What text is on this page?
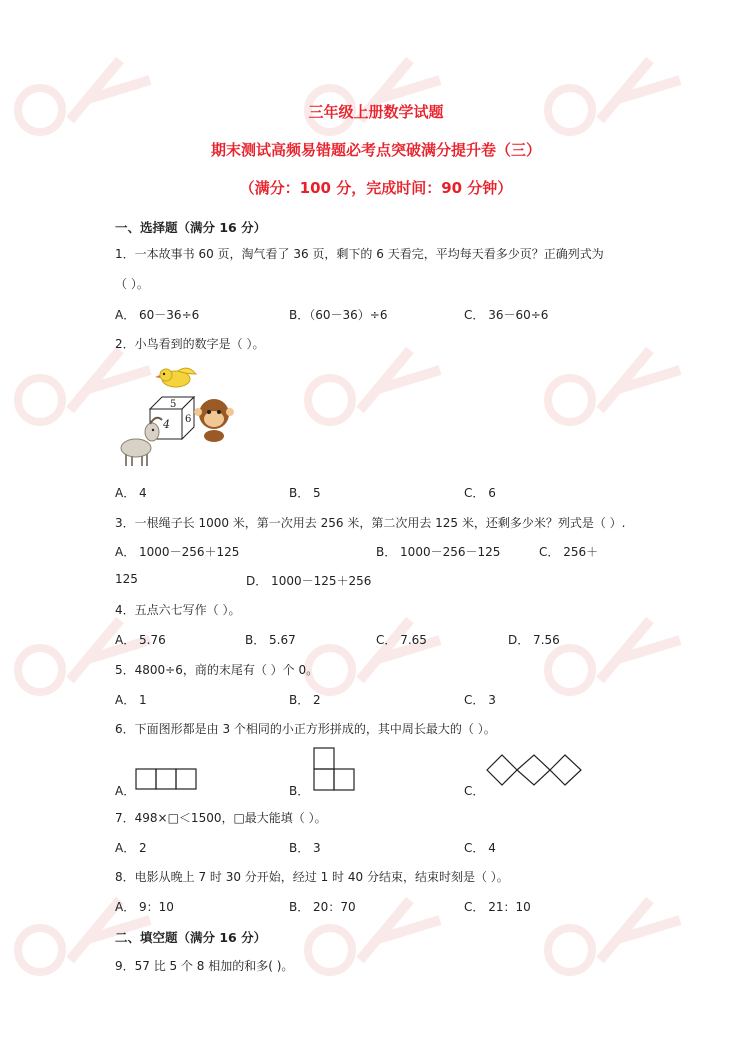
三年级上册数学试题
期末测试高频易错题必考点突破满分提升卷（三）
（满分：100 分，完成时间：90 分钟）
一、选择题（满分 16 分）
1．一本故事书 60 页，淘气看了 36 页，剩下的 6 天看完，平均每天看多少页？正确列式为
（ ）。
A． 60－36÷6	B．（60－36）÷6	C． 36－60÷6
2．小鸟看到的数字是（ ）。
5
4 6
A． 4	B． 5	C． 6
3．一根绳子长 1000 米，第一次用去 256 米，第二次用去 125 米，还剩多少米？列式是（ ）.
A． 1000－256＋125	B． 1000－256－125	C． 256＋
125	D． 1000－125＋256
4．五点六七写作（ ）。
A． 5.76	B． 5.67	C． 7.65	D． 7.56
5．4800÷6，商的末尾有（ ）个 0。
A． 1	B． 2	C． 3
6．下面图形都是由 3 个相同的小正方形拼成的，其中周长最大的（ ）。
A．	B．	C．
7．498×□＜1500，□最大能填（ ）。
A． 2	B． 3	C． 4
8．电影从晚上 7 时 30 分开始，经过 1 时 40 分结束，结束时刻是（ ）。
A． 9：10	B． 20：70	C． 21：10
二、填空题（满分 16 分）
9．57 比 5 个 8 相加的和多( )。
